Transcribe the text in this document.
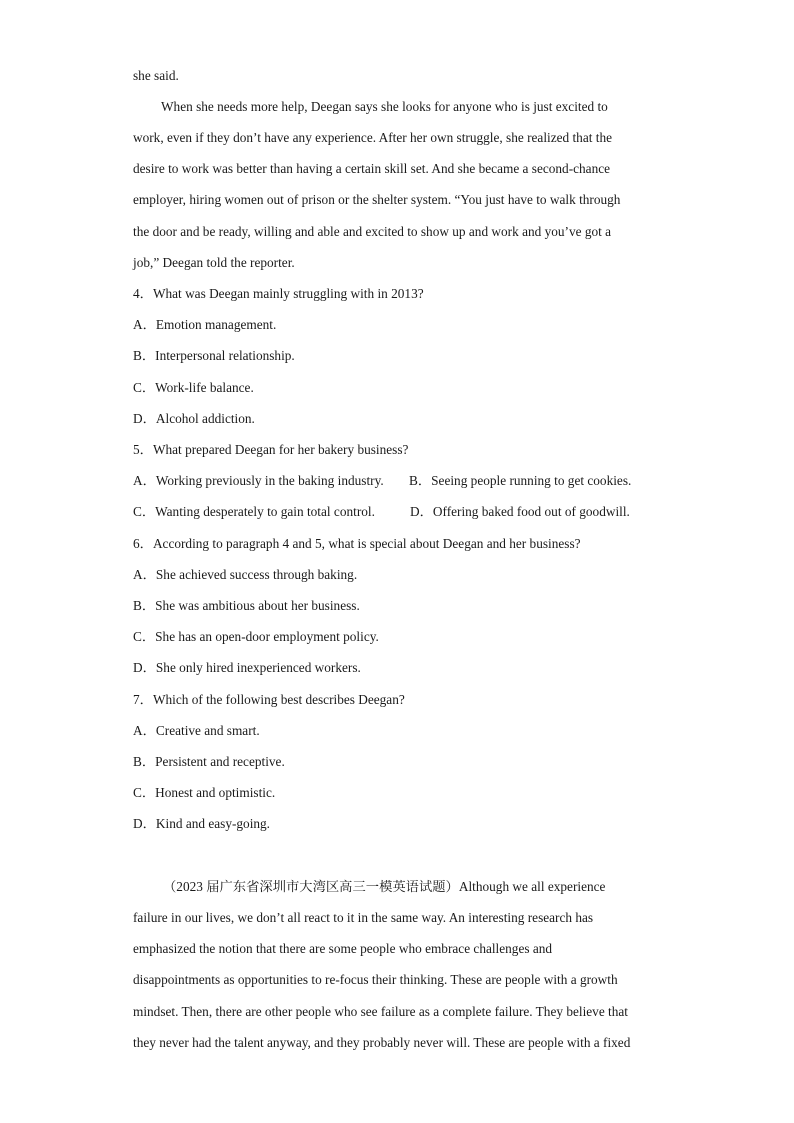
she said.
When she needs more help, Deegan says she looks for anyone who is just excited to
work, even if they don’t have any experience. After her own struggle, she realized that the
desire to work was better than having a certain skill set. And she became a second-chance
employer, hiring women out of prison or the shelter system. “You just have to walk through
the door and be ready, willing and able and excited to show up and work and you’ve got a
job,” Deegan told the reporter.
4．What was Deegan mainly struggling with in 2013?
A．Emotion management.
B．Interpersonal relationship.
C．Work-life balance.
D．Alcohol addiction.
5．What prepared Deegan for her bakery business?
A．Working previously in the baking industry. B．Seeing people running to get cookies.
C．Wanting desperately to gain total control.	D．Offering baked food out of goodwill.
6．According to paragraph 4 and 5, what is special about Deegan and her business?
A．She achieved success through baking.
B．She was ambitious about her business.
C．She has an open-door employment policy.
D．She only hired inexperienced workers.
7．Which of the following best describes Deegan?
A．Creative and smart.
B．Persistent and receptive.
C．Honest and optimistic.
D．Kind and easy-going.
（2023 届广东省深圳市大湾区高三一模英语试题）Although we all experience
failure in our lives, we don’t all react to it in the same way. An interesting research has
emphasized the notion that there are some people who embrace challenges and
disappointments as opportunities to re-focus their thinking. These are people with a growth
mindset. Then, there are other people who see failure as a complete failure. They believe that
they never had the talent anyway, and they probably never will. These are people with a fixed
